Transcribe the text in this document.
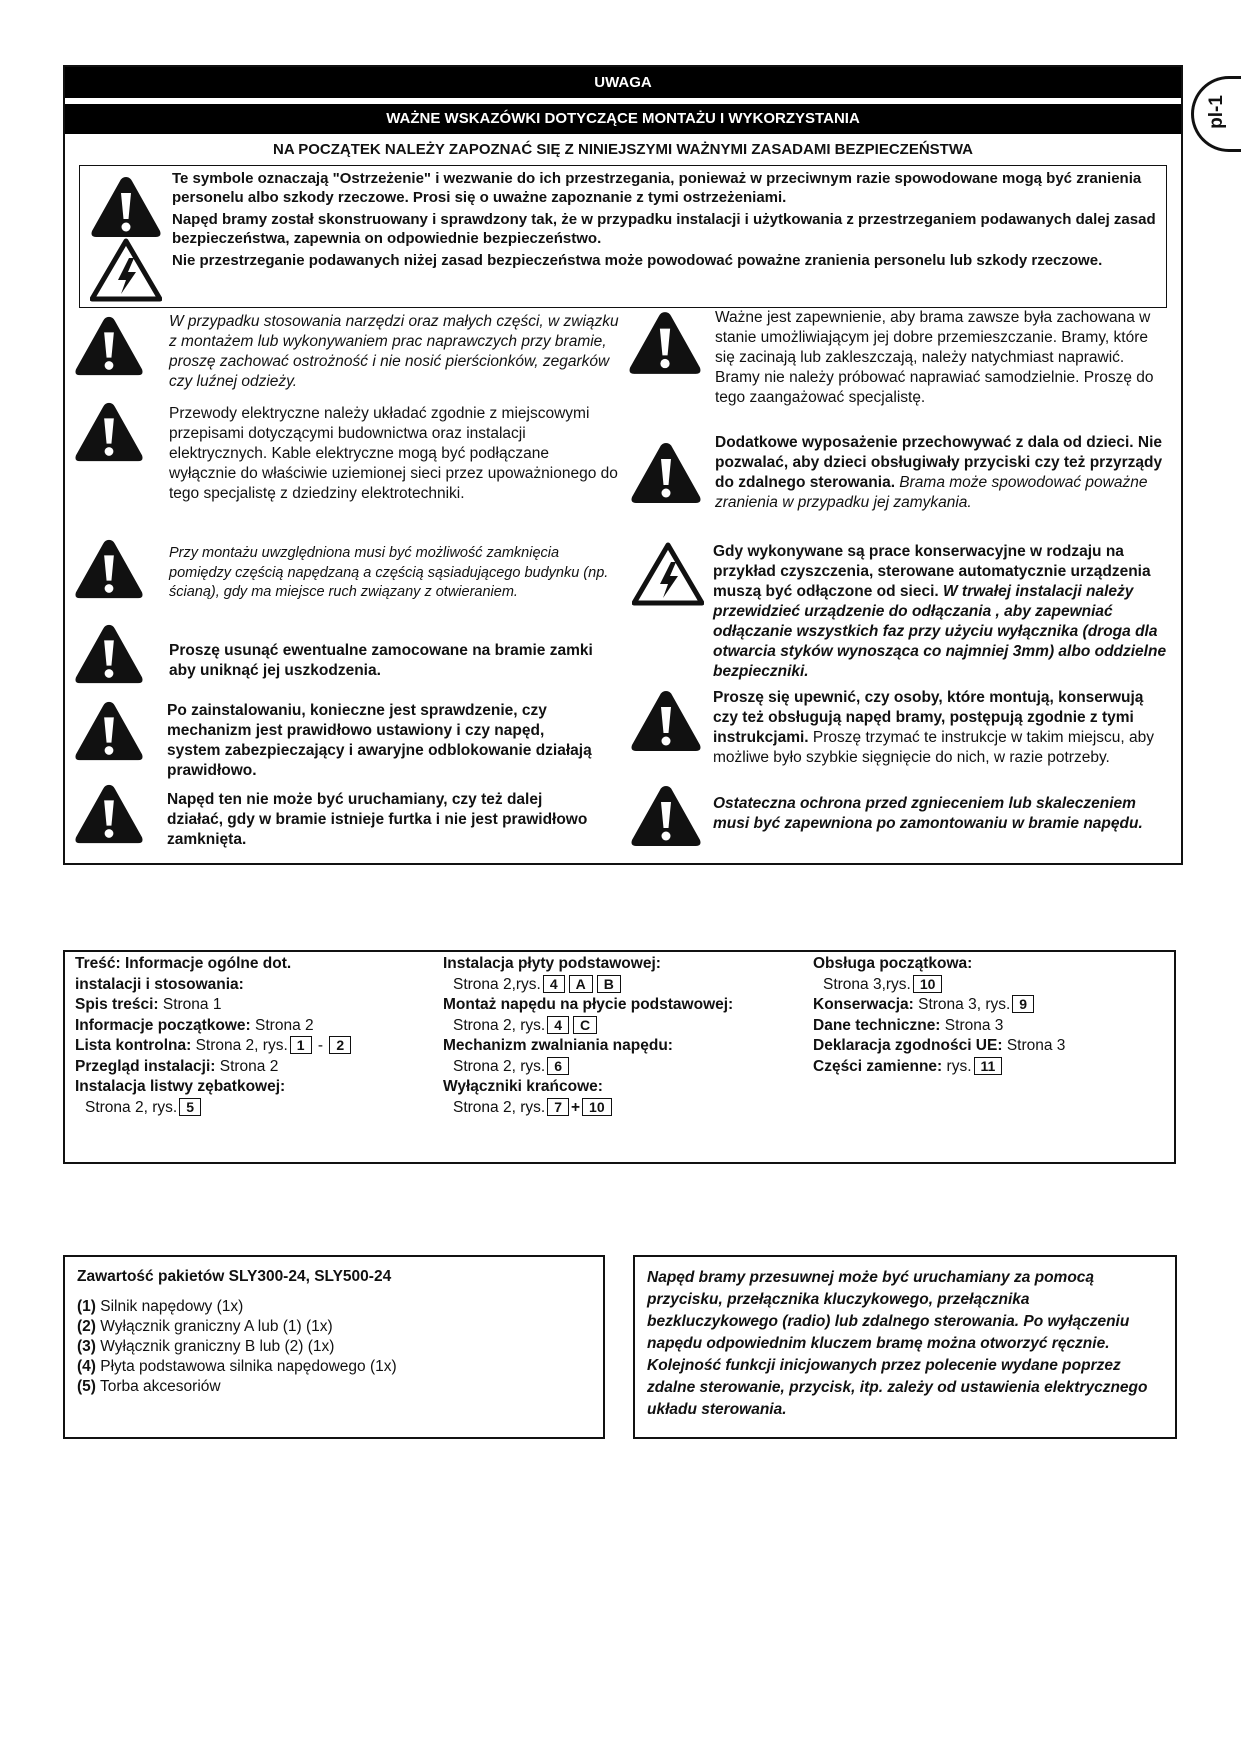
pl-1
UWAGA
WAŻNE WSKAZÓWKI DOTYCZĄCE MONTAŻU I WYKORZYSTANIA
NA POCZĄTEK NALEŻY ZAPOZNAĆ SIĘ Z NINIEJSZYMI WAŻNYMI ZASADAMI BEZPIECZEŃSTWA

Te symbole oznaczają "Ostrzeżenie" i wezwanie do ich przestrzegania, ponieważ w przeciwnym razie spowodowane mogą być zranienia personelu albo szkody rzeczowe. Prosi się o uważne zapoznanie z tymi ostrzeżeniami.

Napęd bramy został skonstruowany i sprawdzony tak, że w przypadku instalacji i użytkowania z przestrzeganiem podawanych dalej zasad bezpieczeństwa, zapewnia on odpowiednie bezpieczeństwo.

Nie przestrzeganie podawanych niżej zasad bezpieczeństwa może powodować poważne zranienia personelu lub szkody rzeczowe.

W przypadku stosowania narzędzi oraz małych części, w związku z montażem lub wykonywaniem prac naprawczych przy bramie, proszę zachować ostrożność i nie nosić pierścionków, zegarków czy luźnej odzieży.
Przewody elektryczne należy układać zgodnie z miejscowymi przepisami dotyczącymi budownictwa oraz instalacji elektrycznych. Kable elektryczne mogą być podłączane wyłącznie do właściwie uziemionej sieci przez upoważnionego do tego specjalistę z dziedziny elektrotechniki.
Przy montażu uwzględniona musi być możliwość zamknięcia pomiędzy częścią napędzaną a częścią sąsiadującego budynku (np. ścianą), gdy ma miejsce ruch związany z otwieraniem.
Proszę usunąć ewentualne zamocowane na bramie zamki aby uniknąć jej uszkodzenia.
Po zainstalowaniu, konieczne jest sprawdzenie, czy mechanizm jest prawidłowo ustawiony i czy napęd, system zabezpieczający i awaryjne odblokowanie działają prawidłowo.
Napęd ten nie może być uruchamiany, czy też dalej działać, gdy w bramie istnieje furtka i nie jest prawidłowo zamknięta.
Ważne jest zapewnienie, aby brama zawsze była zachowana w stanie umożliwiającym jej dobre przemieszczanie. Bramy, które się zacinają lub zakleszczają, należy natychmiast naprawić. Bramy nie należy próbować naprawiać samodzielnie. Proszę do tego zaangażować specjalistę.
Dodatkowe wyposażenie przechowywać z dala od dzieci. Nie pozwalać, aby dzieci obsługiwały przyciski czy też przyrządy do zdalnego sterowania. Brama może spowodować poważne zranienia w przypadku jej zamykania.
Gdy wykonywane są prace konserwacyjne w rodzaju na przykład czyszczenia, sterowane automatycznie urządzenia muszą być odłączone od sieci. W trwałej instalacji należy przewidzieć urządzenie do odłączania , aby zapewniać odłączanie wszystkich faz przy użyciu wyłącznika (droga dla otwarcia styków wynosząca co najmniej 3mm) albo oddzielne bezpieczniki.
Proszę się upewnić, czy osoby, które montują, konserwują czy też obsługują napęd bramy, postępują zgodnie z tymi instrukcjami. Proszę trzymać te instrukcje w takim miejscu, aby możliwe było szybkie sięgnięcie do nich, w razie potrzeby.
Ostateczna ochrona przed zgnieceniem lub skaleczeniem musi być zapewniona po zamontowaniu w bramie napędu.
Treść: Informacje ogólne dot.
instalacji i stosowania:
Spis treści: Strona 1
Informacje początkowe: Strona 2
Lista kontrolna: Strona 2, rys. 1 - 2
Przegląd instalacji: Strona 2
Instalacja listwy zębatkowej:
Strona 2, rys. 5
Instalacja płyty podstawowej:
Strona 2,rys. 4 A B
Montaż napędu na płycie podstawowej:
Strona 2, rys. 4 C
Mechanizm zwalniania napędu:
Strona 2, rys. 6
Wyłączniki krańcowe:
Strona 2, rys. 7 + 10
Obsługa początkowa:
Strona 3,rys. 10
Konserwacja: Strona 3, rys. 9
Dane techniczne: Strona 3
Deklaracja zgodności UE: Strona 3
Części zamienne: rys. 11
Zawartość pakietów SLY300-24, SLY500-24
(1) Silnik napędowy (1x)
(2) Wyłącznik graniczny A lub (1) (1x)
(3) Wyłącznik graniczny B lub (2) (1x)
(4) Płyta podstawowa silnika napędowego (1x)
(5) Torba akcesoriów
Napęd bramy przesuwnej może być uruchamiany za pomocą przycisku, przełącznika kluczykowego, przełącznika bezkluczykowego (radio) lub zdalnego sterowania. Po wyłączeniu napędu odpowiednim kluczem bramę można otworzyć ręcznie. Kolejność funkcji inicjowanych przez polecenie wydane poprzez zdalne sterowanie, przycisk, itp. zależy od ustawienia elektrycznego układu sterowania.
